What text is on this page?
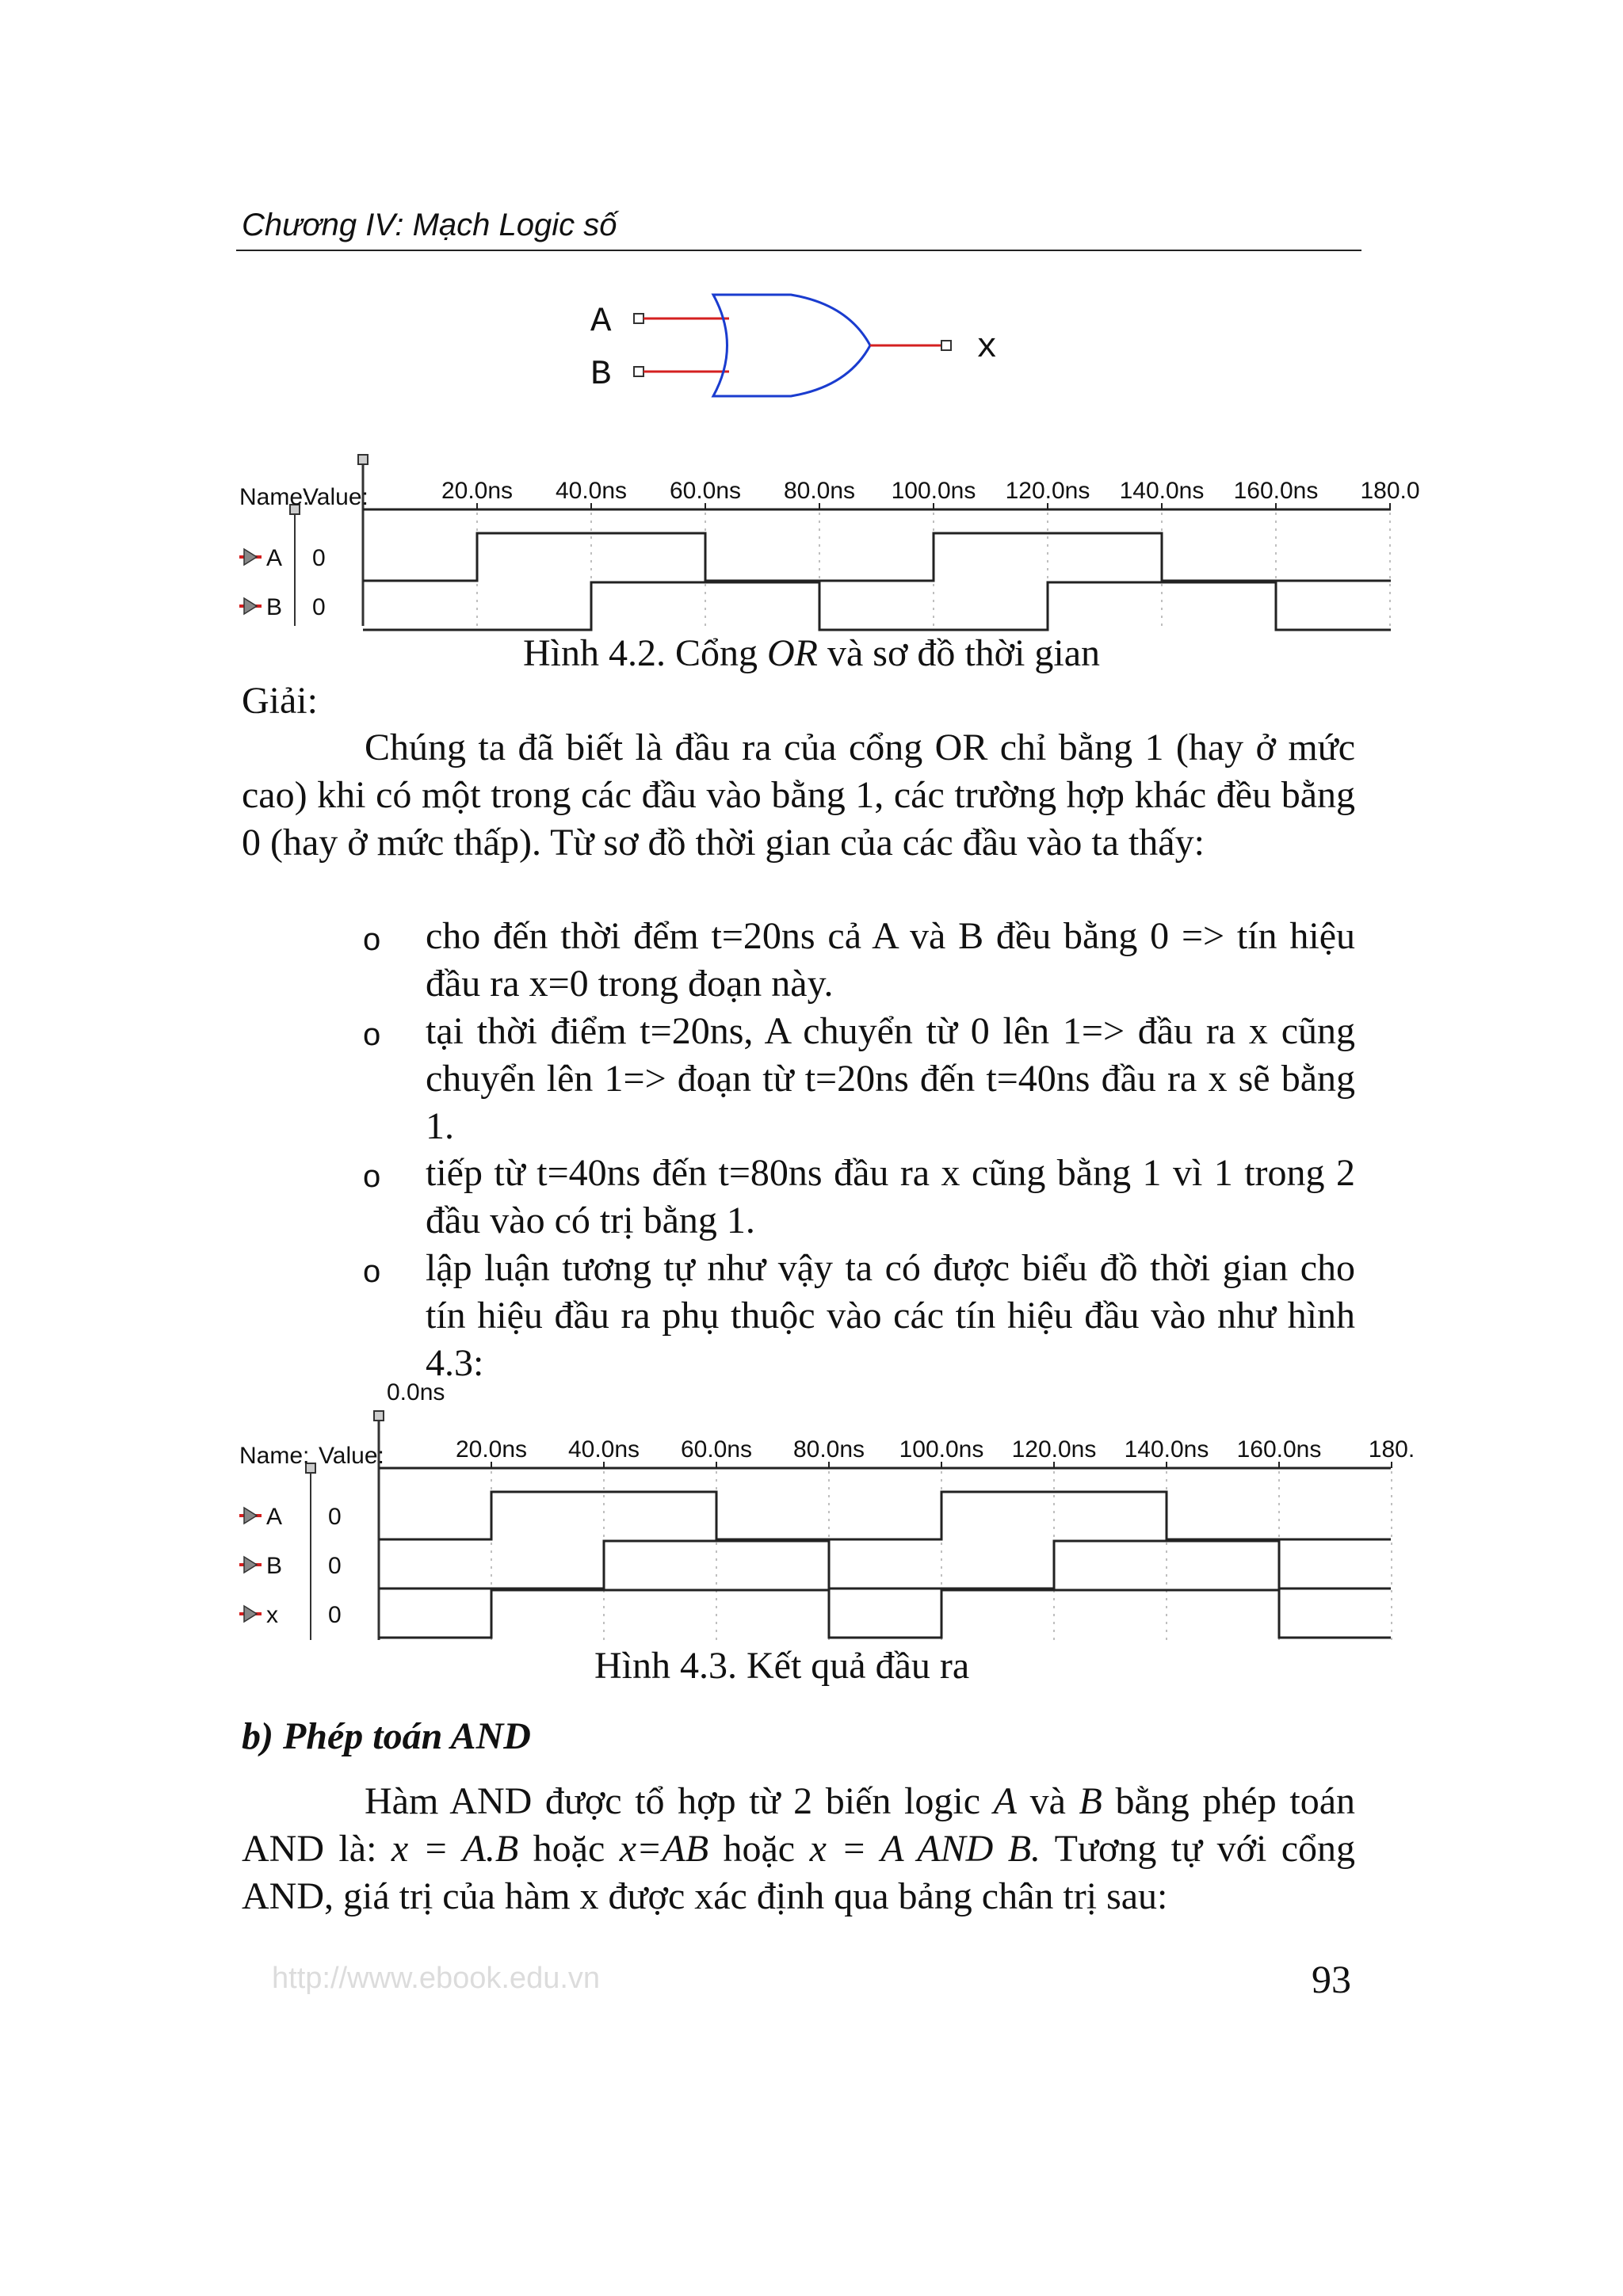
Chương IV: Mạch Logic số
A
B
x
Name:
Value:	20.0ns 40.0ns 60.0ns 80.0ns 100.0ns 120.0ns 140.0ns 160.0ns 180.0
A 0
B 0
Hình 4.2. Cổng OR và sơ đồ thời gian
Giải:
Chúng ta đã biết là đầu ra của cổng OR chỉ bằng 1 (hay ở mức cao) khi có một trong các đầu vào bằng 1, các trường hợp khác đều bằng 0 (hay ở mức thấp). Từ sơ đồ thời gian của các đầu vào ta thấy:
o cho đến thời đểm t=20ns cả A và B đều bằng 0 => tín hiệu đầu ra x=0 trong đoạn này.
o tại thời điểm t=20ns, A chuyển từ 0 lên 1=> đầu ra x cũng chuyển lên 1=> đoạn từ t=20ns đến t=40ns đầu ra x sẽ bằng 1.
o tiếp từ t=40ns đến t=80ns đầu ra x cũng bằng 1 vì 1 trong 2 đầu vào có trị bằng 1.
o lập luận tương tự như vậy ta có được biểu đồ thời gian cho tín hiệu đầu ra phụ thuộc vào các tín hiệu đầu vào như hình 4.3:
0.0ns
Name: Value:	20.0ns 40.0ns 60.0ns 80.0ns 100.0ns 120.0ns 140.0ns 160.0ns 180.
A 0
B 0
x 0
Hình 4.3. Kết quả đầu ra
b) Phép toán AND
Hàm AND được tổ hợp từ 2 biến logic A và B bằng phép toán AND là: x = A.B hoặc x=AB hoặc x = A AND B. Tương tự với cổng AND, giá trị của hàm x được xác định qua bảng chân trị sau:
http://www.ebook.edu.vn	93
